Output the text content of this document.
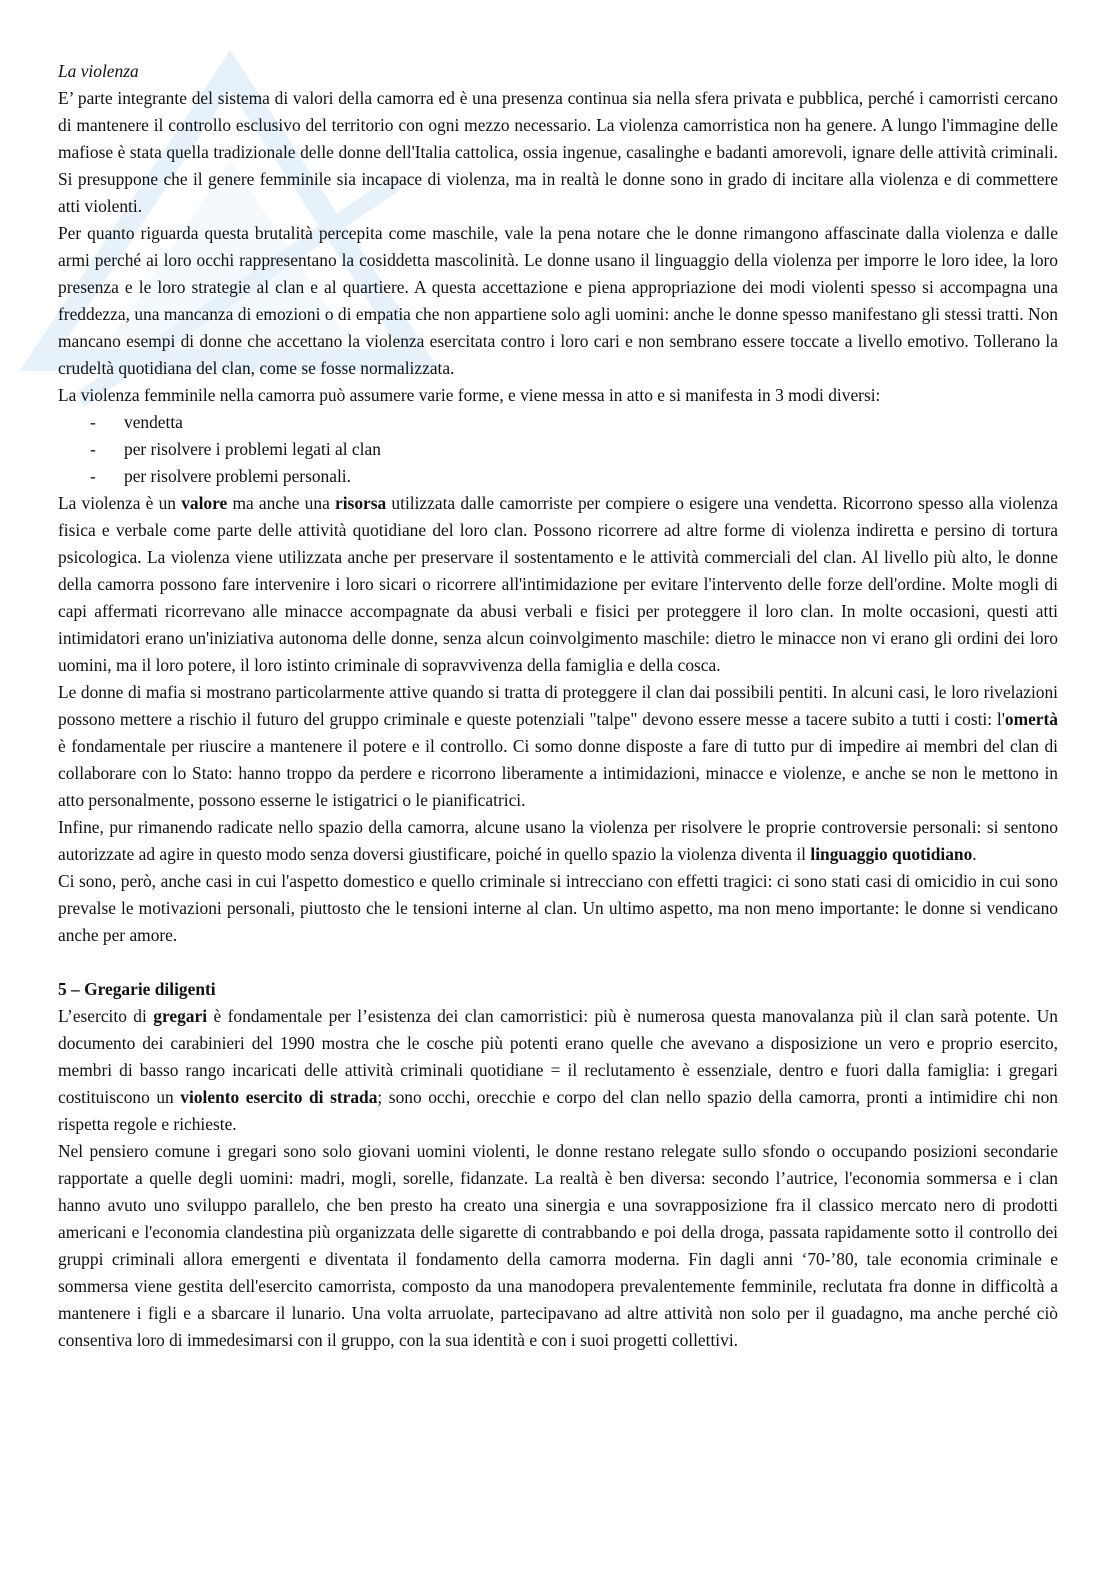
La violenza

E’ parte integrante del sistema di valori della camorra ed è una presenza continua sia nella sfera privata e pubblica, perché i camorristi cercano di mantenere il controllo esclusivo del territorio con ogni mezzo necessario. La violenza camorristica non ha genere. A lungo l'immagine delle mafiose è stata quella tradizionale delle donne dell'Italia cattolica, ossia ingenue, casalinghe e badanti amorevoli, ignare delle attività criminali. Si presuppone che il genere femminile sia incapace di violenza, ma in realtà le donne sono in grado di incitare alla violenza e di commettere atti violenti.

Per quanto riguarda questa brutalità percepita come maschile, vale la pena notare che le donne rimangono affascinate dalla violenza e dalle armi perché ai loro occhi rappresentano la cosiddetta mascolinità. Le donne usano il linguaggio della violenza per imporre le loro idee, la loro presenza e le loro strategie al clan e al quartiere. A questa accettazione e piena appropriazione dei modi violenti spesso si accompagna una freddezza, una mancanza di emozioni o di empatia che non appartiene solo agli uomini: anche le donne spesso manifestano gli stessi tratti. Non mancano esempi di donne che accettano la violenza esercitata contro i loro cari e non sembrano essere toccate a livello emotivo. Tollerano la crudeltà quotidiana del clan, come se fosse normalizzata.

La violenza femminile nella camorra può assumere varie forme, e viene messa in atto e si manifesta in 3 modi diversi:

- vendetta
- per risolvere i problemi legati al clan
- per risolvere problemi personali.

La violenza è un valore ma anche una risorsa utilizzata dalle camorriste per compiere o esigere una vendetta. Ricorrono spesso alla violenza fisica e verbale come parte delle attività quotidiane del loro clan. Possono ricorrere ad altre forme di violenza indiretta e persino di tortura psicologica. La violenza viene utilizzata anche per preservare il sostentamento e le attività commerciali del clan. Al livello più alto, le donne della camorra possono fare intervenire i loro sicari o ricorrere all'intimidazione per evitare l'intervento delle forze dell'ordine. Molte mogli di capi affermati ricorrevano alle minacce accompagnate da abusi verbali e fisici per proteggere il loro clan. In molte occasioni, questi atti intimidatori erano un'iniziativa autonoma delle donne, senza alcun coinvolgimento maschile: dietro le minacce non vi erano gli ordini dei loro uomini, ma il loro potere, il loro istinto criminale di sopravvivenza della famiglia e della cosca.

Le donne di mafia si mostrano particolarmente attive quando si tratta di proteggere il clan dai possibili pentiti. In alcuni casi, le loro rivelazioni possono mettere a rischio il futuro del gruppo criminale e queste potenziali "talpe" devono essere messe a tacere subito a tutti i costi: l'omertà è fondamentale per riuscire a mantenere il potere e il controllo. Ci somo donne disposte a fare di tutto pur di impedire ai membri del clan di collaborare con lo Stato: hanno troppo da perdere e ricorrono liberamente a intimidazioni, minacce e violenze, e anche se non le mettono in atto personalmente, possono esserne le istigatrici o le pianificatrici.

Infine, pur rimanendo radicate nello spazio della camorra, alcune usano la violenza per risolvere le proprie controversie personali: si sentono autorizzate ad agire in questo modo senza doversi giustificare, poiché in quello spazio la violenza diventa il linguaggio quotidiano.

Ci sono, però, anche casi in cui l'aspetto domestico e quello criminale si intrecciano con effetti tragici: ci sono stati casi di omicidio in cui sono prevalse le motivazioni personali, piuttosto che le tensioni interne al clan. Un ultimo aspetto, ma non meno importante: le donne si vendicano anche per amore.

5 – Gregarie diligenti

L’esercito di gregari è fondamentale per l’esistenza dei clan camorristici: più è numerosa questa manovalanza più il clan sarà potente. Un documento dei carabinieri del 1990 mostra che le cosche più potenti erano quelle che avevano a disposizione un vero e proprio esercito, membri di basso rango incaricati delle attività criminali quotidiane = il reclutamento è essenziale, dentro e fuori dalla famiglia: i gregari costituiscono un violento esercito di strada; sono occhi, orecchie e corpo del clan nello spazio della camorra, pronti a intimidire chi non rispetta regole e richieste.

Nel pensiero comune i gregari sono solo giovani uomini violenti, le donne restano relegate sullo sfondo o occupando posizioni secondarie rapportate a quelle degli uomini: madri, mogli, sorelle, fidanzate. La realtà è ben diversa: secondo l’autrice, l'economia sommersa e i clan hanno avuto uno sviluppo parallelo, che ben presto ha creato una sinergia e una sovrapposizione fra il classico mercato nero di prodotti americani e l'economia clandestina più organizzata delle sigarette di contrabbando e poi della droga, passata rapidamente sotto il controllo dei gruppi criminali allora emergenti e diventata il fondamento della camorra moderna. Fin dagli anni ‘70-’80, tale economia criminale e sommersa viene gestita dell'esercito camorrista, composto da una manodopera prevalentemente femminile, reclutata fra donne in difficoltà a mantenere i figli e a sbarcare il lunario. Una volta arruolate, partecipavano ad altre attività non solo per il guadagno, ma anche perché ciò consentiva loro di immedesimarsi con il gruppo, con la sua identità e con i suoi progetti collettivi.
